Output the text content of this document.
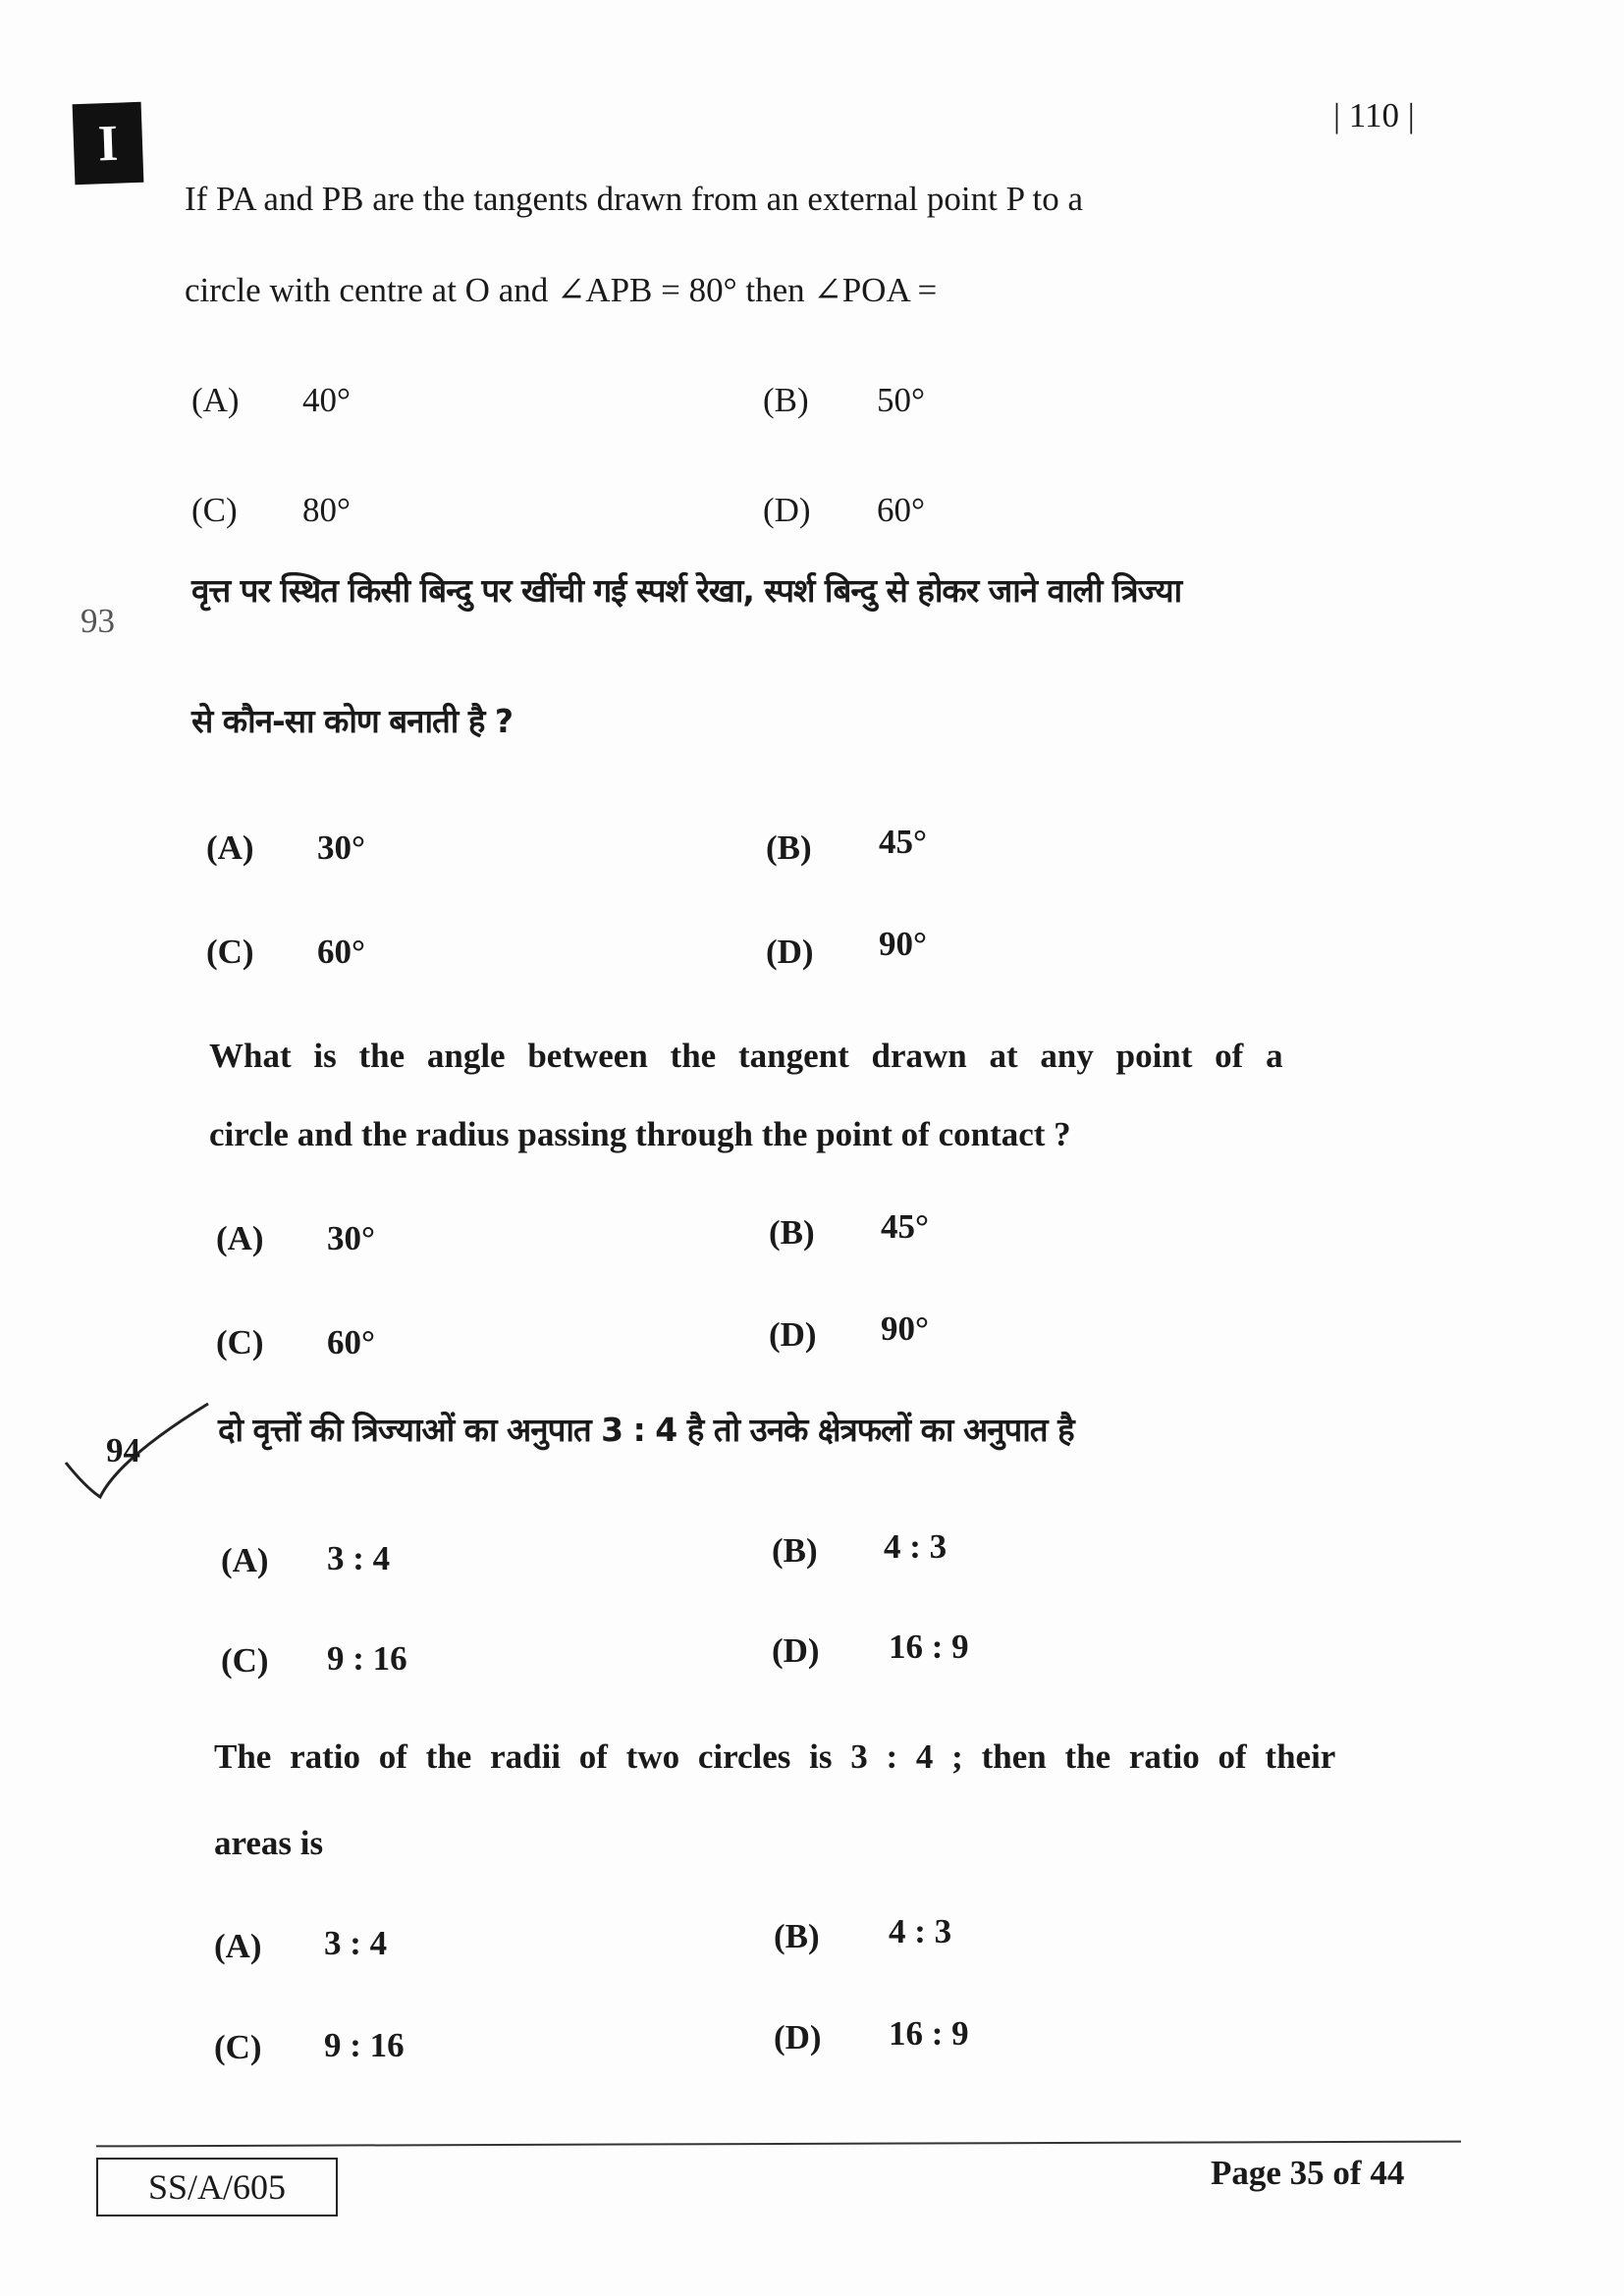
I	| 110 |
If PA and PB are the tangents drawn from an external point P to a
circle with centre at O and ∠APB = 80° then ∠POA =
(A) 40°	(B) 50°
(C) 80°	(D) 60°
93
वृत्त पर स्थित किसी बिन्दु पर खींची गई स्पर्श रेखा, स्पर्श बिन्दु से होकर जाने वाली त्रिज्या
से कौन-सा कोण बनाती है ?
(A) 30°	(B) 45°
(C) 60°	(D) 90°
What is the angle between the tangent drawn at any point of a
circle and the radius passing through the point of contact ?
(A) 30°	(B) 45°
(C) 60°	(D) 90°
94
दो वृत्तों की त्रिज्याओं का अनुपात 3 : 4 है तो उनके क्षेत्रफलों का अनुपात है
(A) 3 : 4	(B) 4 : 3
(C) 9 : 16	(D) 16 : 9
The ratio of the radii of two circles is 3 : 4 ; then the ratio of their
areas is
(A) 3 : 4	(B) 4 : 3
(C) 9 : 16	(D) 16 : 9
SS/A/605	Page 35 of 44
